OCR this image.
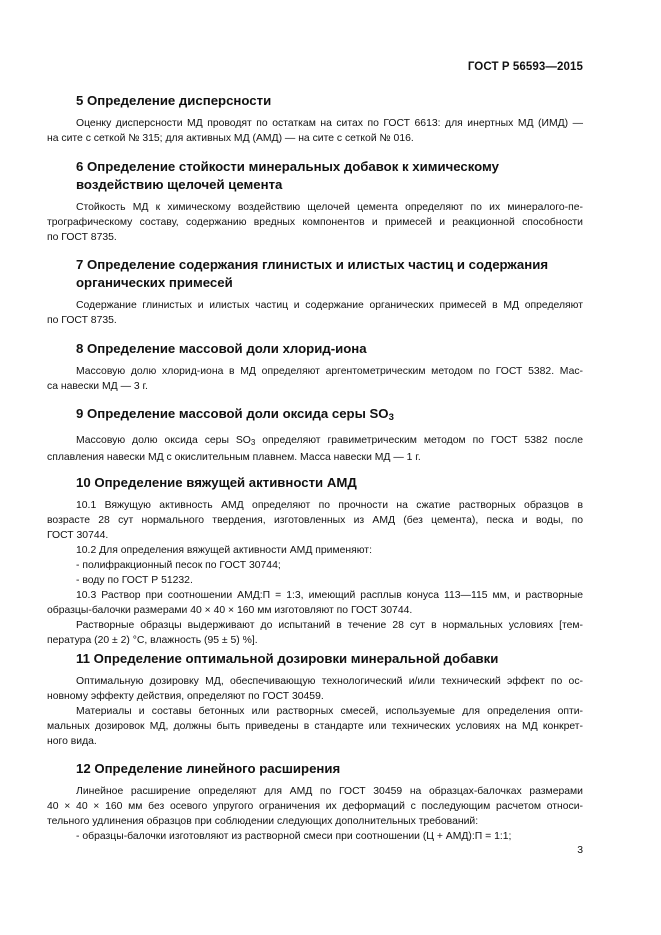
ГОСТ Р 56593—2015
5 Определение дисперсности
Оценку дисперсности МД проводят по остаткам на ситах по ГОСТ 6613: для инертных МД (ИМД) —
на сите с сеткой № 315; для активных МД (АМД) — на сите с сеткой № 016.
6 Определение стойкости минеральных добавок к химическому
воздействию щелочей цемента
Стойкость МД к химическому воздействию щелочей цемента определяют по их минералого-пе-
трографическому составу, содержанию вредных компонентов и примесей и реакционной способности
по ГОСТ 8735.
7 Определение содержания глинистых и илистых частиц и содержания
органических примесей
Содержание глинистых и илистых частиц и содержание органических примесей в МД определяют
по ГОСТ 8735.
8 Определение массовой доли хлорид-иона
Массовую долю хлорид-иона в МД определяют аргентометрическим методом по ГОСТ 5382. Мас-
са навески МД — 3 г.
9 Определение массовой доли оксида серы $SO_3$
Массовую долю оксида серы $SO_3$ определяют гравиметрическим методом по ГОСТ 5382 после
сплавления навески МД с окислительным плавнем. Масса навески МД — 1 г.
10 Определение вяжущей активности АМД
10.1 Вяжущую активность АМД определяют по прочности на сжатие растворных образцов в
возрасте 28 сут нормального твердения, изготовленных из АМД (без цемента), песка и воды, по
ГОСТ 30744.
10.2 Для определения вяжущей активности АМД применяют:
- полифракционный песок по ГОСТ 30744;
- воду по ГОСТ Р 51232.
10.3 Раствор при соотношении АМД:П = 1:3, имеющий расплыв конуса 113—115 мм, и растворные
образцы-балочки размерами 40 × 40 × 160 мм изготовляют по ГОСТ 30744.
Растворные образцы выдерживают до испытаний в течение 28 сут в нормальных условиях [тем-
пература (20 ± 2) °С, влажность (95 ± 5) %].
11 Определение оптимальной дозировки минеральной добавки
Оптимальную дозировку МД, обеспечивающую технологический и/или технический эффект по ос-
новному эффекту действия, определяют по ГОСТ 30459.
Материалы и составы бетонных или растворных смесей, используемые для определения опти-
мальных дозировок МД, должны быть приведены в стандарте или технических условиях на МД конкрет-
ного вида.
12 Определение линейного расширения
Линейное расширение определяют для АМД по ГОСТ 30459 на образцах-балочках размерами
40 × 40 × 160 мм без осевого упругого ограничения их деформаций с последующим расчетом относи-
тельного удлинения образцов при соблюдении следующих дополнительных требований:
- образцы-балочки изготовляют из растворной смеси при соотношении (Ц + АМД):П = 1:1;
3
